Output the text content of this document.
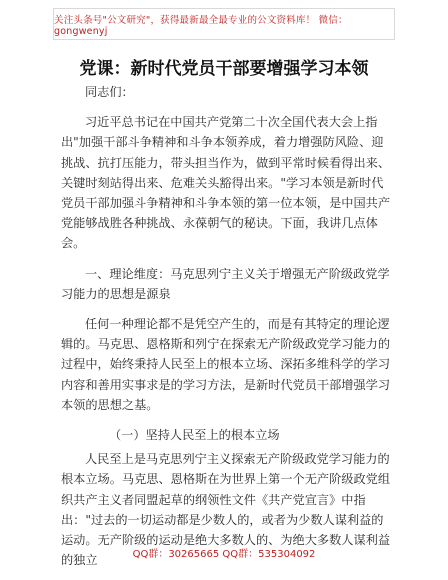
关注头条号"公文研究"，获得最新最全最专业的公文资料库！ 微信：gongwenyj
党课：新时代党员干部要增强学习本领

同志们：

习近平总书记在中国共产党第二十次全国代表大会上指出"加强干部斗争精神和斗争本领养成，着力增强防风险、迎挑战、抗打压能力，带头担当作为，做到平常时候看得出来、关键时刻站得出来、危难关头豁得出来。"学习本领是新时代党员干部加强斗争精神和斗争本领的第一位本领，是中国共产党能够战胜各种挑战、永葆朝气的秘诀。下面，我讲几点体会。

一、理论维度：马克思列宁主义关于增强无产阶级政党学习能力的思想是源泉

任何一种理论都不是凭空产生的，而是有其特定的理论逻辑的。马克思、恩格斯和列宁在探索无产阶级政党学习能力的过程中，始终秉持人民至上的根本立场、深拓多维科学的学习内容和善用实事求是的学习方法，是新时代党员干部增强学习本领的思想之基。

（一）坚持人民至上的根本立场

人民至上是马克思列宁主义探索无产阶级政党学习能力的根本立场。马克思、恩格斯在为世界上第一个无产阶级政党组织共产主义者同盟起草的纲领性文件《共产党宣言》中指出："过去的一切运动都是少数人的，或者为少数人谋利益的运动。无产阶级的运动是绝大多数人的、为绝大多数人谋利益的独立	QQ群：30265665 QQ群：535304092
